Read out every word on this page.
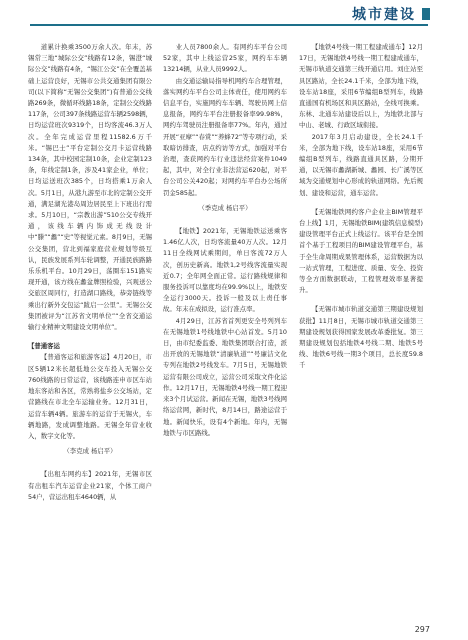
城市建设

道累计换乘3500万余人次。年末，苏锡常三地“城际公交”线路有12条，锡澄“城际公交”线路有4条，“锡江公交”在全覆盖基础上运营良好，无锡市公共交通集团有限公司(以下简称“无锡公交集团”)有普通公交线路269条，微循环线路18条，定制公交线路117条，公司397条线路运营车辆2598辆，日均运营班次9319个，日均客流46.3万人次。全年完成运营里程11582.6万千米。“锡巴士”平台定制公交月卡运营线路134条，其中校园定制10条，企业定制123条，年线定制1条，涉及41家企业，单位；日均运送班次385个，日均搭乘1万余人次。5月1日，从港九游至市北的定制公交开通，满足湖光港岛周边居民至上下班出行需求。5月10日，“宗教出游”510公交专线开通，该线车辆内饰成无线设计中“滕”“蠡”“史”等视觉元素。8月9日，无锡公交集团，营北到福家庭营业规划等级互认，民族发展系列车轮调整，开通民族路路乐乐机平台。10月29日，荡圈车151路实现开通，该方线在蠡盆牌照检验，兴观送公交旅区周同行，打造湖口路线，恭旁链线等乘出行新外交包运“跋启一公里”。无锡公交集团被评为“江苏省文明单位”“全省交通运输行业精神文明建设文明单位”。

【普通客运

【普通客运和旅游客运】4月20日，市区5辆12米长超低地公交车投入无锡公交760线路的日常运营，该线路连申市区车站地东客站和各区，常熟将盐乡公交场站，定营路线在市北全车运输业务。12月31日，运营车辆4辆。旅游车的运营于无锡火，车辆地路，发成调整地路。无锡全年营业收入，数字文化等。

（李克成 杨启平）

【出租车网约车】2021年，无锡市区有出租车汽车运营企业21家，个体工商户54户，营运出租车4640辆，从

业人员7800余人。有网约车平台公司52家，其中上线运营25家，网约车车辆13214辆，从业人员9992人。

由交通运输局指导机网约车合理管理，落实网约车平台公司主体责任，使用网约车信息平台，实施网约车车辆、驾驶员网上信息报备，网约车平台注册报备率99.98%，网约车驾驶员注册报备率77%。年内，通过开展“亚摩”“春赏”“养蜂72”等专项行动，采取暗访排查，店点约访等方式，加强对平台治理，查获网约车行业违法经营案件1049起，其中，对全行业非法营运620起，对平台公司公关420起；对网约车平台办公场所罚金585起。

（季克成 杨启平）

【地铁】2021年，无锡地铁运送乘客1.46亿人次，日均客流量40万人次。12月11日全线网试乘期间，单日客流72万人次，创历史新高。地铁1,2号线客流量实现近0.7；全年网全面正常。运行路线规律和服务投诉可以靠度均在99.9%以上，地铁安全运行3000天。投诉一般及以上责任事故。年末在成拟设，运行准点率。

4月29日，江苏省首列更安全号列列车在无锡地铁1号线地铁中心站首发。5月10日，由市纪委监委、地铁集团联合打造，派出开放的无锡地铁“清廉轨道”“号廉洁文化专列在地铁2号线发车。7月5日，无锡地铁运营有限公司成立，运营公司采取文件化运作。12月17日，无锡地铁4号线一期工程迎来3个月试运营。新闻在无锡，地铁3号线网络运营网，新时代，8月14日，路途运营于地。新闻快乐，设有4个新地。年内，无锡地铁与市区路线。

【地铁4号线一期工程建成通车】12月17日，无锡地铁4号线一期工程建成通车，无锡市轨道交通第三线开通启用。刘庄站至具区路站，全长24.1千米，全部为地下线，设车站18座，采用6节编组B型列车，线路直通国有机场区和具区路站，全线可换乘。东林、北通车站建设后以上，为地铁北部与中山、老城、行政区域衔接。

2017年3月启动建设，全长24.1千米，全部为地下线，设车站18座，采用6节编组B型列车，线路直通具区路，分期开通，以无锡市蠡湖新城、蠡园、长广溪等区域为交通规划中心形成的轨道网络。先后规划、建设和运营，通车运营。

【无锡地铁网约客户企业主BIM管理平台上线】1月，无锡地铁BIM(建筑信息模型)建设管理平台正式上线运行。该平台是全国首个基于工程项目的BIM建设管理平台，基于全生命周期成果管理体系，运营数据为以一站式管理，工程进度、质量、安全、投资等全方面数据联动，工程管理效率显著提升。

【无锡市城市轨道交通第三期建设规划获批】11月8日，无锡市城市轨道交通第三期建设规划获得国家发展改革委批复。第三期建设规划包括地铁4号线二期、地铁5号线、地铁6号线一期3个项目，总长度59.8千

297
